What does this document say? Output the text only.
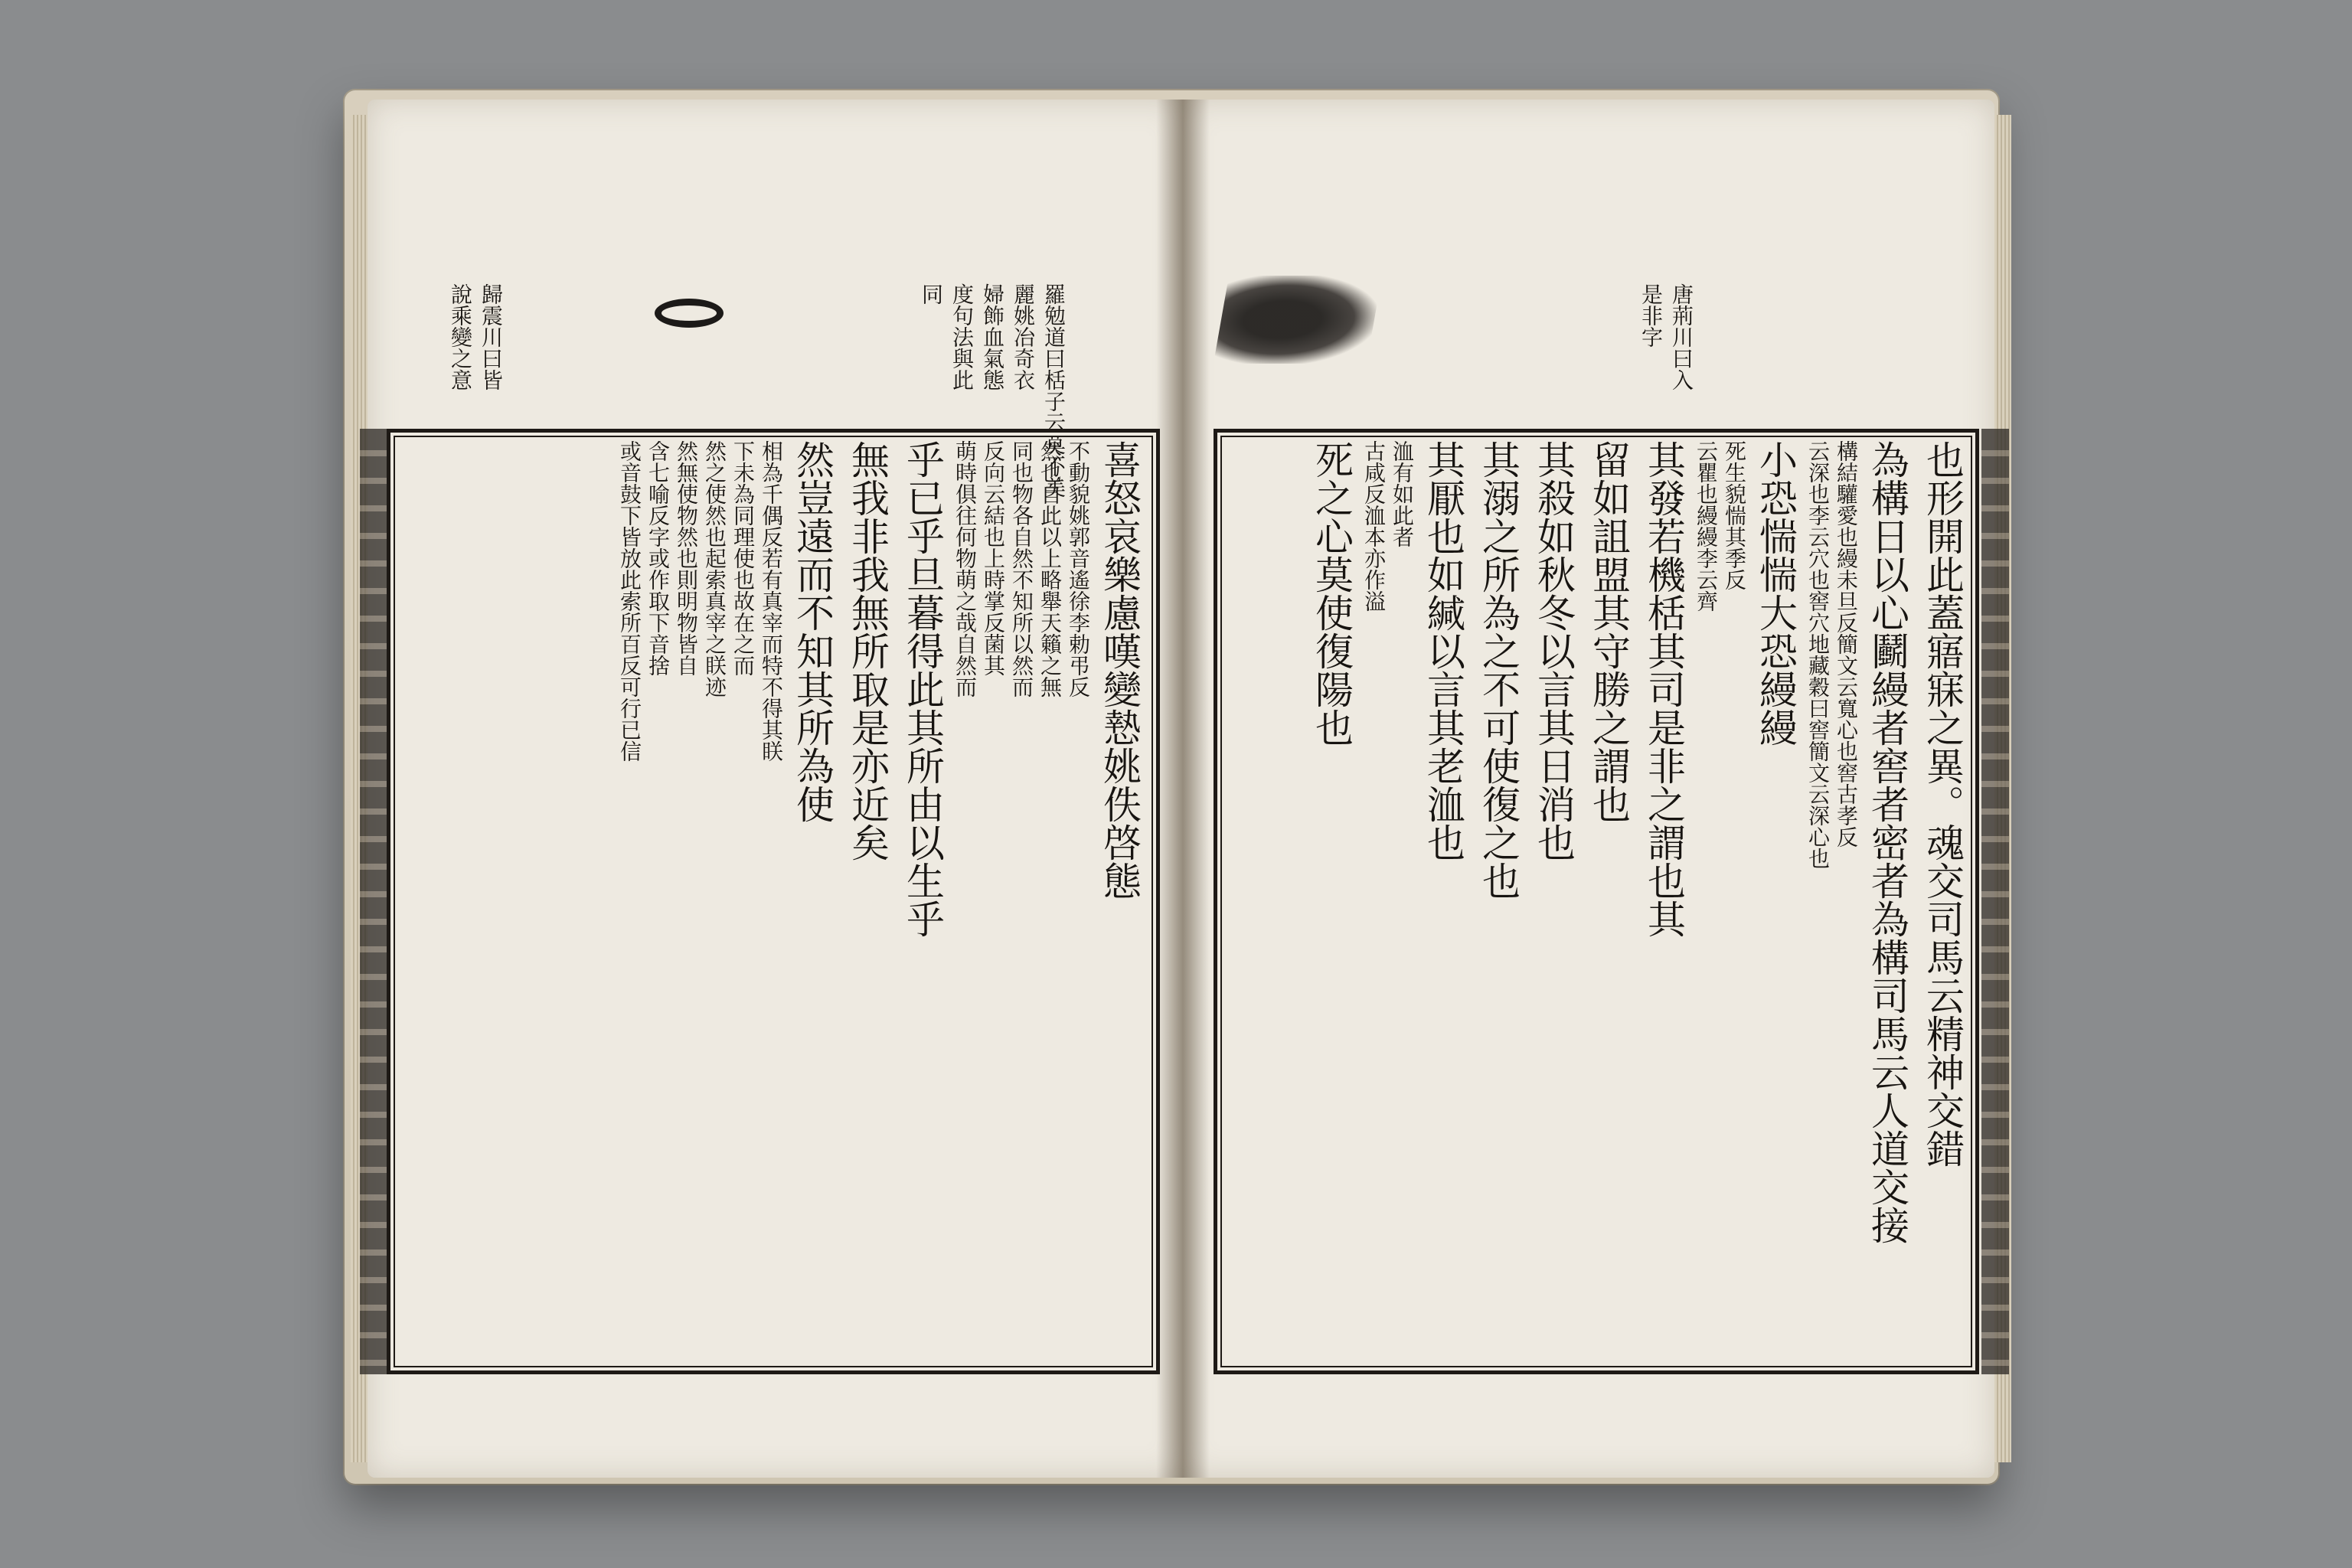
羅勉道曰栝子云莫不美
麗姚冶奇衣
婦飾血氣態
度句法與此
同
歸震川曰皆
說乘變之意
喜怒哀樂慮嘆變慹姚佚啓態
不動貌姚郭音遙徐李勅弔反
然也自此以上略舉天籟之無
同也物各自然不知所以然而
反向云結也上時掌反菌其
萌時俱往何物萌之哉自然而
乎已乎旦暮得此其所由以生乎
無我非我無所取是亦近矣
然豈遠而不知其所為使
相為千偶反若有真宰而特不得其眹
下未為同理使也故在之而
然之使然也起索真宰之眹迹
然無使物然也則明物皆自
含七喻反字或作取下音捨
或音鼓下皆放此索所百反可行已信
唐荊川曰入
是非字
也形開此蓋寤寐之異。魂交司馬云精神交錯
為構日以心鬬縵者窖者密者為構司馬云人道交接
構結驩愛也縵未旦反簡文云寬心也窖古孝反
云深也李云穴也窖穴地藏穀曰窖簡文云深心也
小恐惴惴大恐縵縵
死生貌惴其季反
云瞿也縵縵李云齊
其發若機栝其司是非之謂也其
留如詛盟其守勝之謂也
其殺如秋冬以言其日消也
其溺之所為之不可使復之也
其厭也如緘以言其老洫也
洫有如此者
古咸反洫本亦作溢
死之心莫使復陽也
